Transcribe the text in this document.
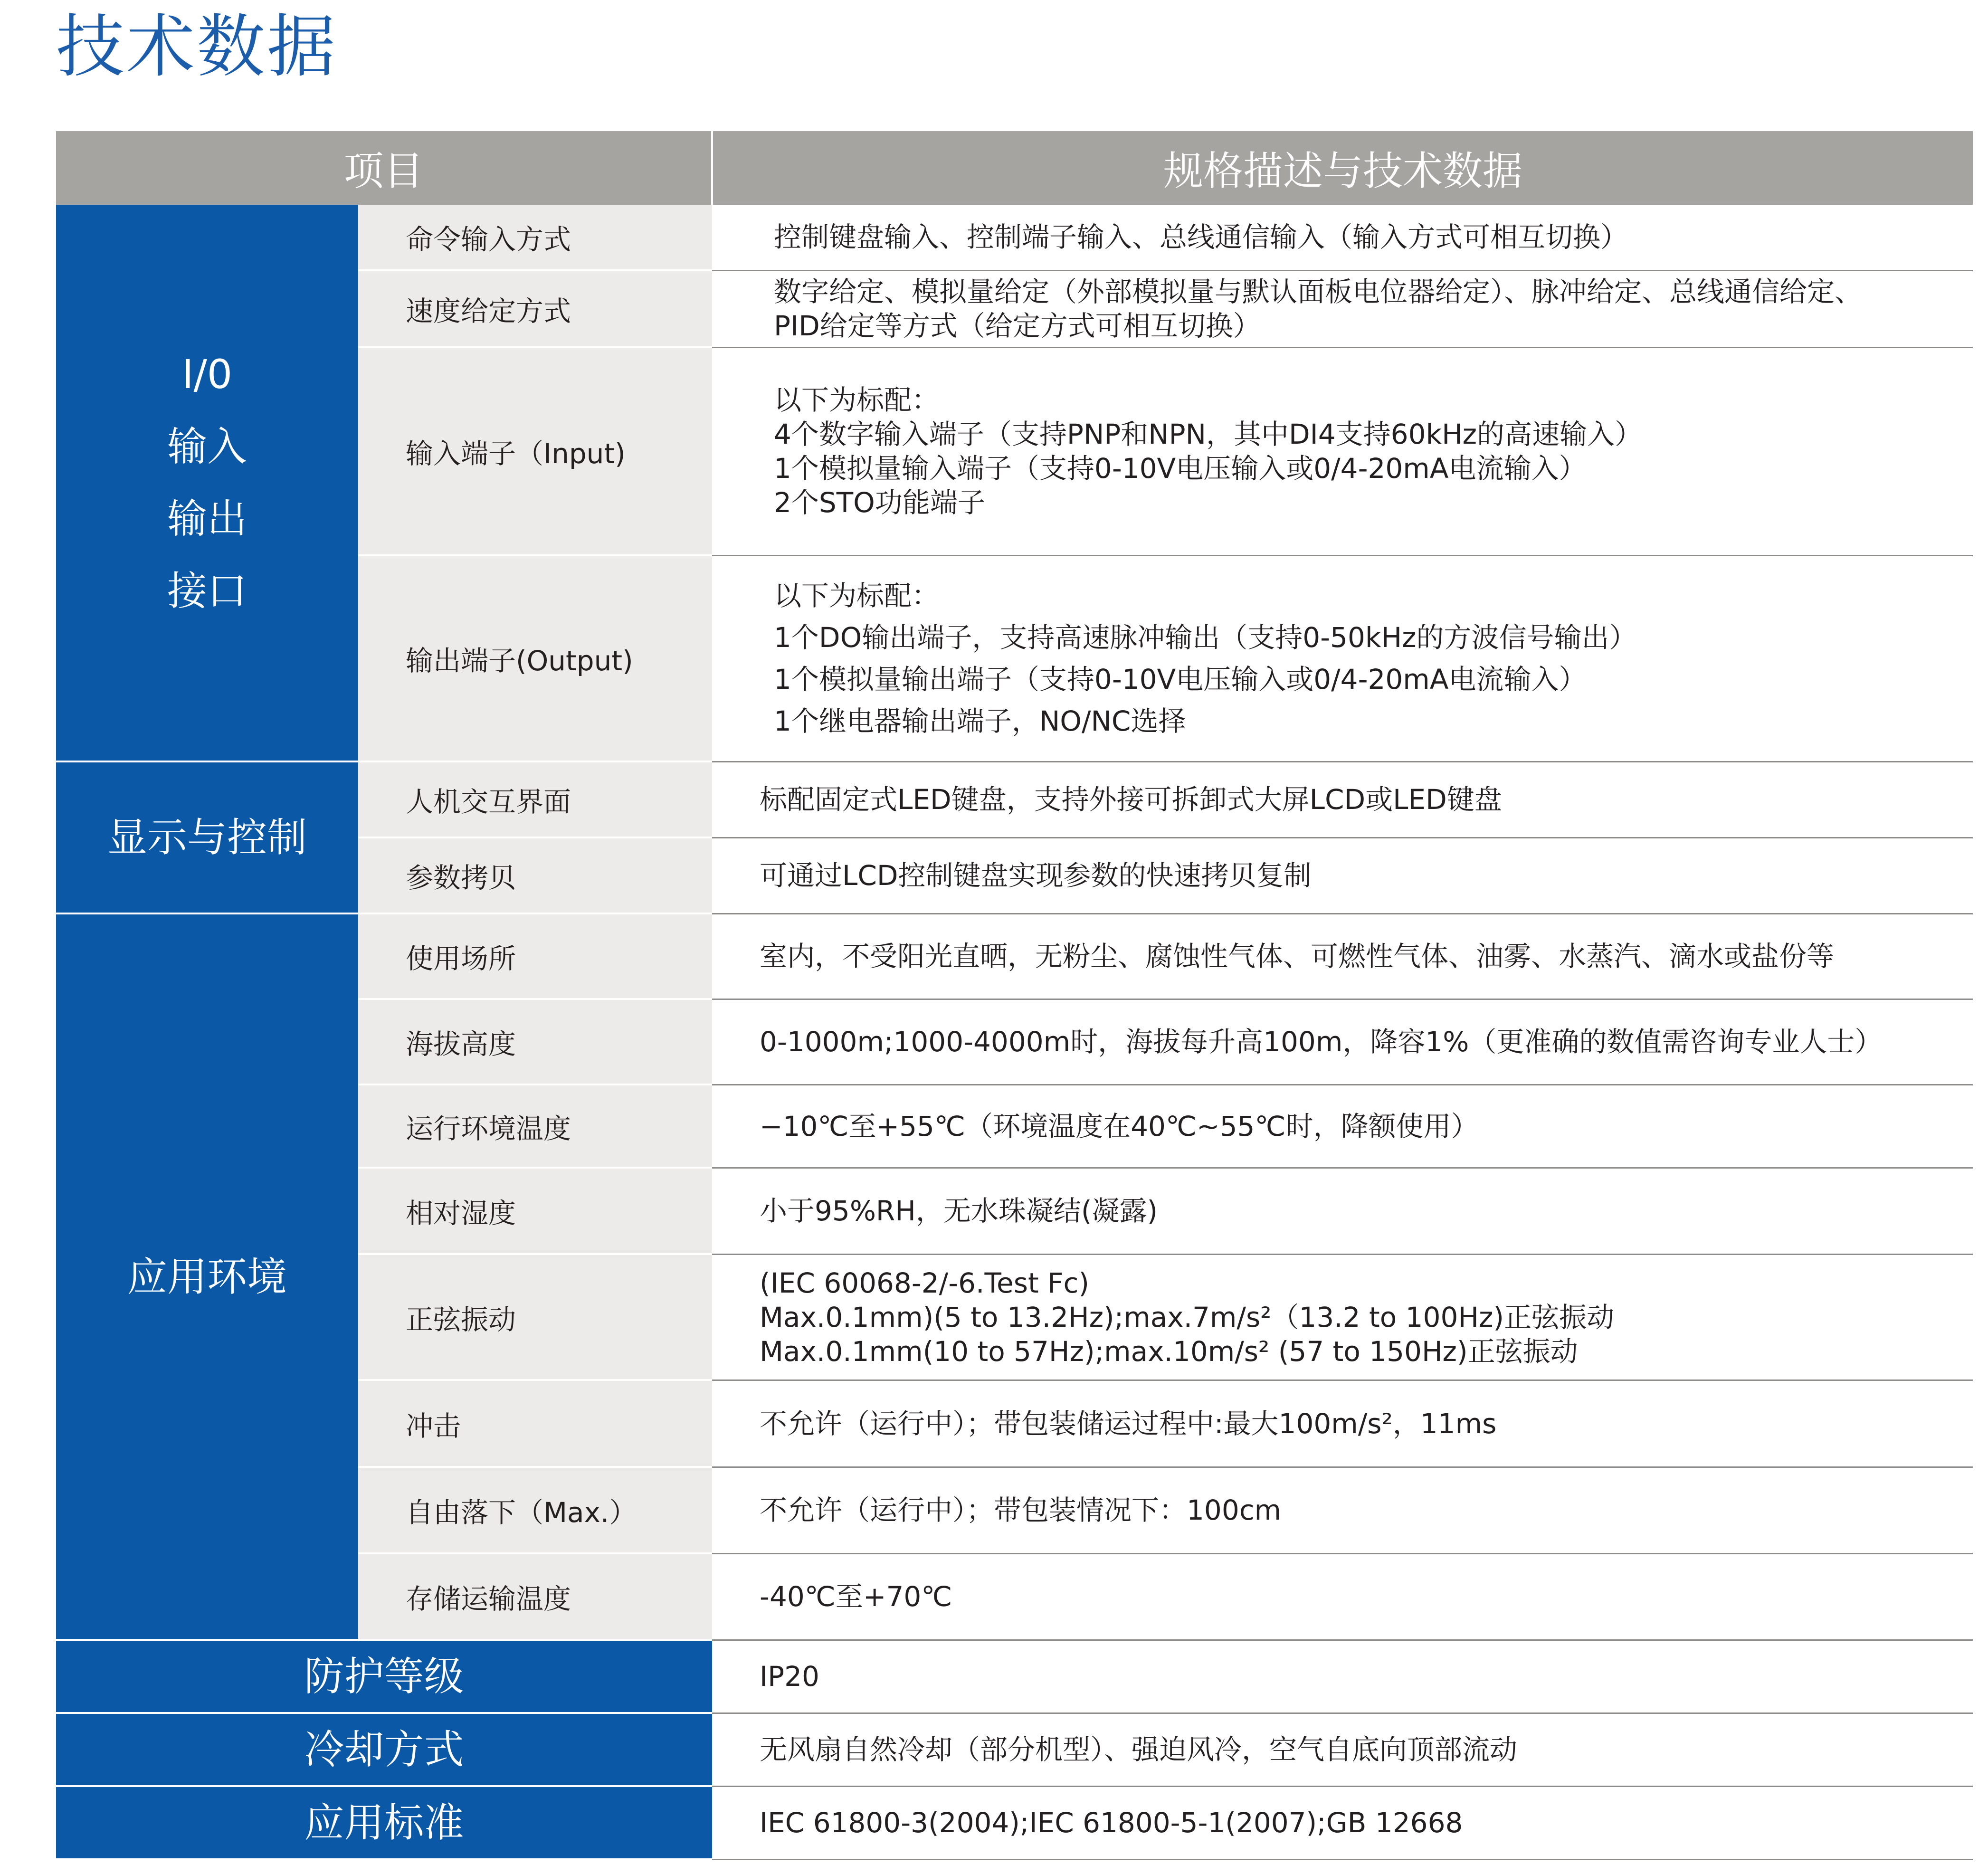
技术数据
项目		规格描述与技术数据

I/0
输入
输出
接口	命令输入方式	控制键盘输入、控制端子输入、总线通信输入（输入方式可相互切换）

	速度给定方式	数字给定、模拟量给定（外部模拟量与默认面板电位器给定）、脉冲给定、总线通信给定、
PID给定等方式（给定方式可相互切换）

	输入端子（Input)	以下为标配：
4个数字输入端子（支持PNP和NPN，其中DI4支持60kHz的高速输入）
1个模拟量输入端子（支持0-10V电压输入或0/4-20mA电流输入）
2个STO功能端子

	输出端子(Output)	以下为标配：
1个DO输出端子，支持高速脉冲输出（支持0-50kHz的方波信号输出）
1个模拟量输出端子（支持0-10V电压输入或0/4-20mA电流输入）
1个继电器输出端子，NO/NC选择

显示与控制	人机交互界面	标配固定式LED键盘，支持外接可拆卸式大屏LCD或LED键盘

	参数拷贝	可通过LCD控制键盘实现参数的快速拷贝复制

应用环境	使用场所	室内，不受阳光直晒，无粉尘、腐蚀性气体、可燃性气体、油雾、水蒸汽、滴水或盐份等

	海拔高度	0-1000m;1000-4000m时，海拔每升高100m，降容1%（更准确的数值需咨询专业人士）

	运行环境温度	−10℃至+55℃（环境温度在40℃~55℃时，降额使用）

	相对湿度	小于95%RH，无水珠凝结(凝露)

	正弦振动	(IEC 60068-2/-6.Test Fc)
Max.0.1mm)(5 to 13.2Hz);max.7m/s²（13.2 to 100Hz)正弦振动
Max.0.1mm(10 to 57Hz);max.10m/s² (57 to 150Hz)正弦振动

	冲击	不允许（运行中）；带包装储运过程中:最大100m/s²，11ms

	自由落下（Max.）	不允许（运行中）；带包装情况下：100cm

	存储运输温度	-40℃至+70℃

防护等级		IP20

冷却方式		无风扇自然冷却（部分机型）、强迫风冷，空气自底向顶部流动

应用标准		IEC 61800-3(2004);IEC 61800-5-1(2007);GB 12668
